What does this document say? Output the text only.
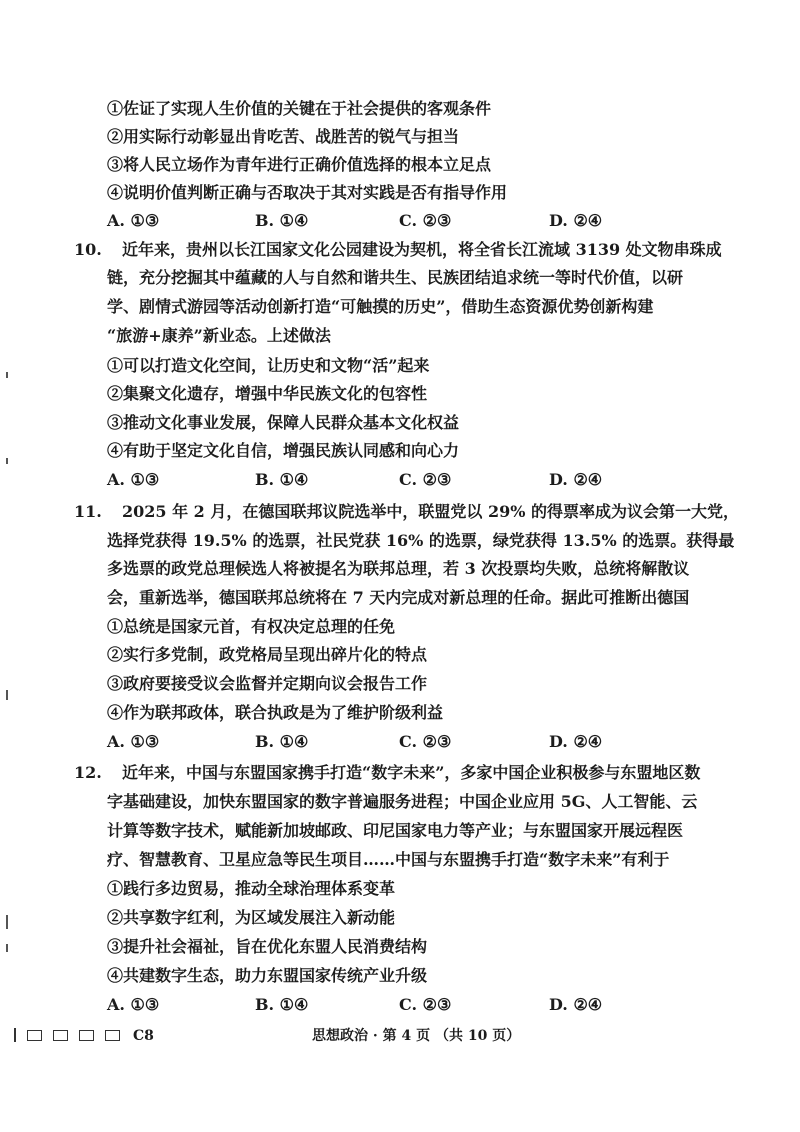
①佐证了实现人生价值的关键在于社会提供的客观条件
②用实际行动彰显出肯吃苦、战胜苦的锐气与担当
③将人民立场作为青年进行正确价值选择的根本立足点
④说明价值判断正确与否取决于其对实践是否有指导作用
A. ①③	B. ①④	C. ②③	D. ②④
10. 近年来，贵州以长江国家文化公园建设为契机，将全省长江流域 3139 处文物串珠成
链，充分挖掘其中蕴藏的人与自然和谐共生、民族团结追求统一等时代价值，以研
学、剧情式游园等活动创新打造“可触摸的历史”，借助生态资源优势创新构建
“旅游+康养”新业态。上述做法
①可以打造文化空间，让历史和文物“活”起来
②集聚文化遗存，增强中华民族文化的包容性
③推动文化事业发展，保障人民群众基本文化权益
④有助于坚定文化自信，增强民族认同感和向心力
A. ①③	B. ①④	C. ②③	D. ②④
11. 2025 年 2 月，在德国联邦议院选举中，联盟党以 29% 的得票率成为议会第一大党，
选择党获得 19.5% 的选票，社民党获 16% 的选票，绿党获得 13.5% 的选票。获得最
多选票的政党总理候选人将被提名为联邦总理，若 3 次投票均失败，总统将解散议
会，重新选举，德国联邦总统将在 7 天内完成对新总理的任命。据此可推断出德国
①总统是国家元首，有权决定总理的任免
②实行多党制，政党格局呈现出碎片化的特点
③政府要接受议会监督并定期向议会报告工作
④作为联邦政体，联合执政是为了维护阶级利益
A. ①③	B. ①④	C. ②③	D. ②④
12. 近年来，中国与东盟国家携手打造“数字未来”，多家中国企业积极参与东盟地区数
字基础建设，加快东盟国家的数字普遍服务进程；中国企业应用 5G、人工智能、云
计算等数字技术，赋能新加坡邮政、印尼国家电力等产业；与东盟国家开展远程医
疗、智慧教育、卫星应急等民生项目……中国与东盟携手打造“数字未来”有利于
①践行多边贸易，推动全球治理体系变革
②共享数字红利，为区域发展注入新动能
③提升社会福祉，旨在优化东盟人民消费结构
④共建数字生态，助力东盟国家传统产业升级
A. ①③	B. ①④	C. ②③	D. ②④
C8	思想政治 · 第 4 页 （共 10 页）
